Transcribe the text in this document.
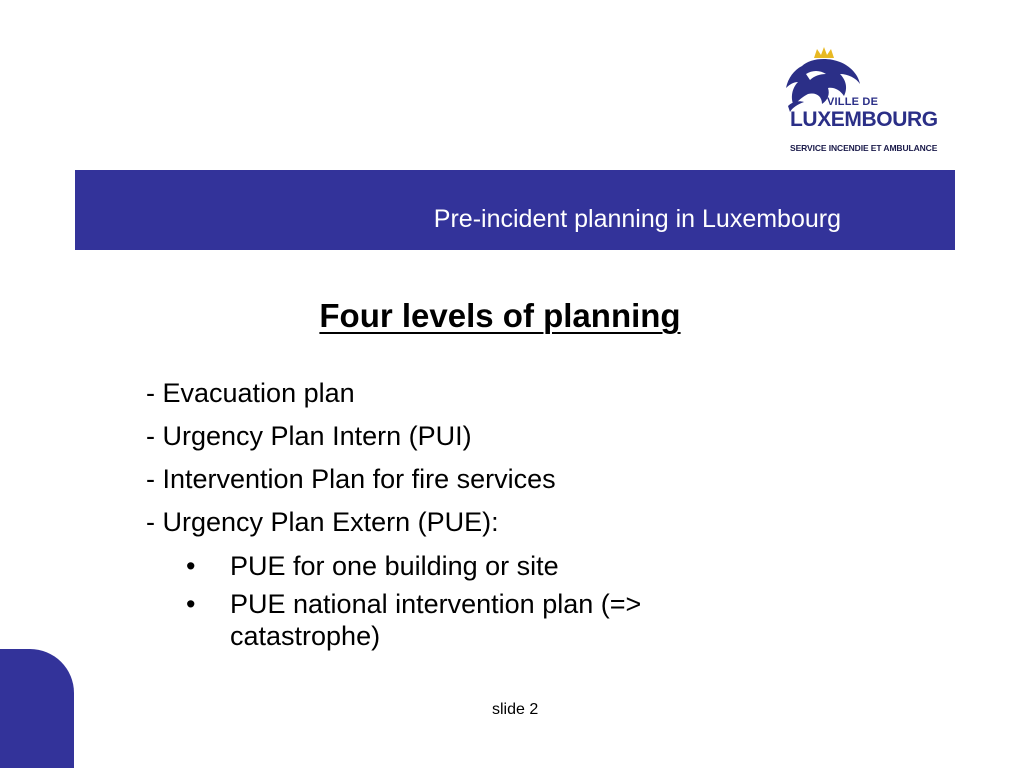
VILLE DE
LUXEMBOURG
SERVICE INCENDIE ET AMBULANCE
Pre-incident planning in Luxembourg
Four levels of planning
- Evacuation plan
- Urgency Plan Intern (PUI)
- Intervention Plan for fire services
- Urgency Plan Extern (PUE):
• PUE for one building or site
• PUE national intervention plan (=> catastrophe)
slide 2
